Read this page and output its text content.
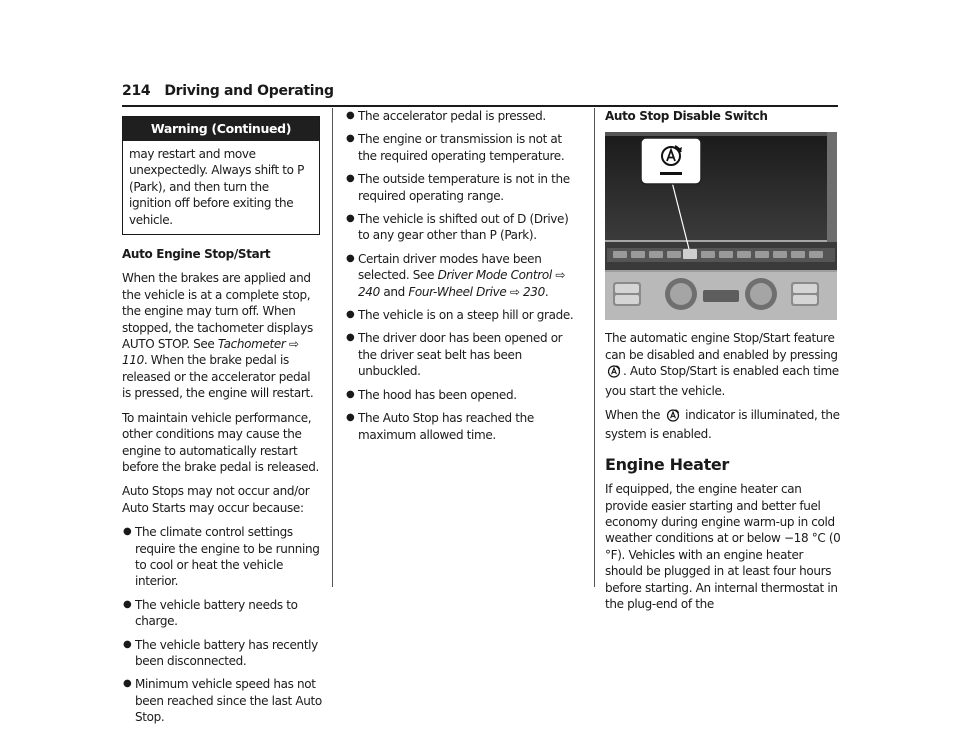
214 Driving and Operating
Warning (Continued)
may restart and move unexpectedly. Always shift to P (Park), and then turn the ignition off before exiting the vehicle.
Auto Engine Stop/Start
When the brakes are applied and the vehicle is at a complete stop, the engine may turn off. When stopped, the tachometer displays AUTO STOP. See Tachometer ⇨ 110. When the brake pedal is released or the accelerator pedal is pressed, the engine will restart.
To maintain vehicle performance, other conditions may cause the engine to automatically restart before the brake pedal is released.
Auto Stops may not occur and/or Auto Starts may occur because:
● The climate control settings require the engine to be running to cool or heat the vehicle interior.
● The vehicle battery needs to charge.
● The vehicle battery has recently been disconnected.
● Minimum vehicle speed has not been reached since the last Auto Stop.
● The accelerator pedal is pressed.
● The engine or transmission is not at the required operating temperature.
● The outside temperature is not in the required operating range.
● The vehicle is shifted out of D (Drive) to any gear other than P (Park).
● Certain driver modes have been selected. See Driver Mode Control ⇨ 240 and Four-Wheel Drive ⇨ 230.
● The vehicle is on a steep hill or grade.
● The driver door has been opened or the driver seat belt has been unbuckled.
● The hood has been opened.
● The Auto Stop has reached the maximum allowed time.
Auto Stop Disable Switch
The automatic engine Stop/Start feature can be disabled and enabled by pressing . Auto Stop/Start is enabled each time you start the vehicle.
When the  indicator is illuminated, the system is enabled.
Engine Heater
If equipped, the engine heater can provide easier starting and better fuel economy during engine warm-up in cold weather conditions at or below −18 °C (0 °F). Vehicles with an engine heater should be plugged in at least four hours before starting. An internal thermostat in the plug-end of the
